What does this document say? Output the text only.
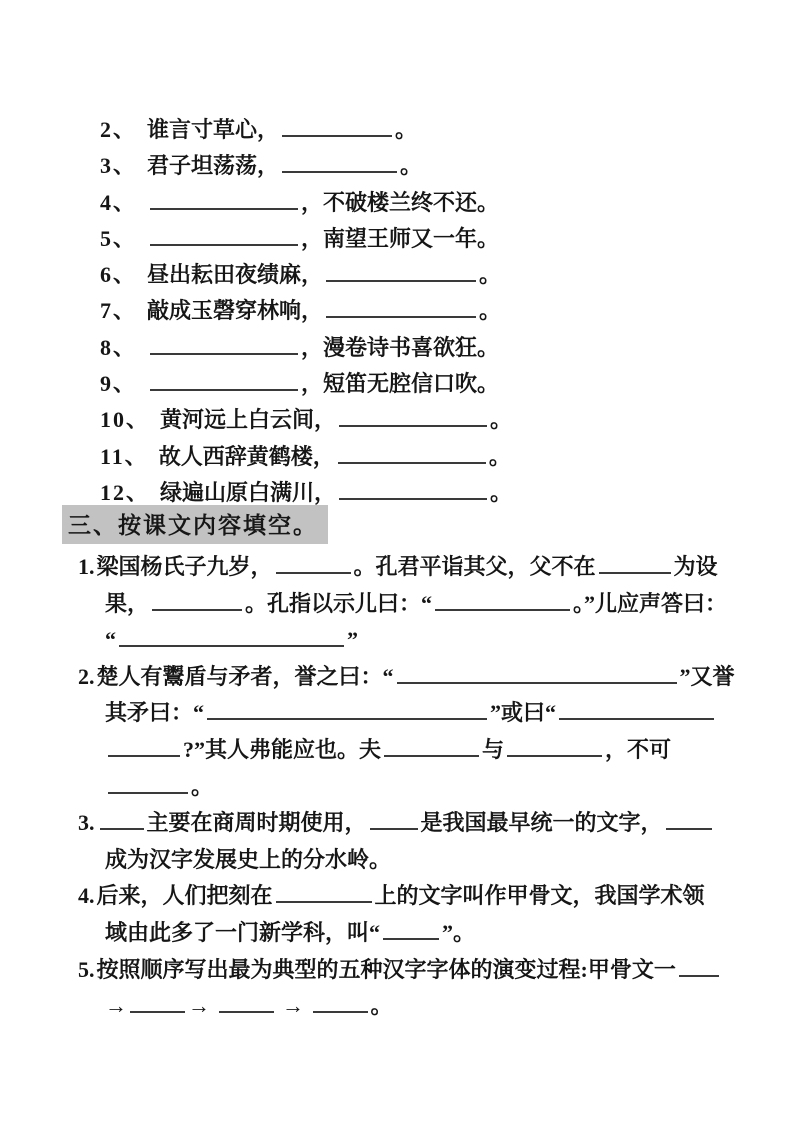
2、 谁言寸草心，	。
3、 君子坦荡荡，	。
4、	，不破楼兰终不还。
5、	，南望王师又一年。
6、 昼出耘田夜绩麻，	。
7、 敲成玉磬穿林响，	。
8、	，漫卷诗书喜欲狂。
9、	，短笛无腔信口吹。
10、 黄河远上白云间，	。
11、 故人西辞黄鹤楼，	。
12、 绿遍山原白满川，	。
三、按课文内容填空。
1.梁国杨氏子九岁，	。孔君平诣其父，父不在	为设
果，	。孔指以示儿曰：“	。”儿应声答曰：
“	”
2.楚人有鬻盾与矛者，誉之曰：“	”又誉
其矛曰：“	”或曰“
?”其人弗能应也。夫	与	，不可
。
3. 主要在商周时期使用， 是我国最早统一的文字，
成为汉字发展史上的分水岭。
4.后来，人们把刻在	上的文字叫作甲骨文，我国学术领
域由此多了一门新学科，叫“	”。
5.按照顺序写出最为典型的五种汉字字体的演变过程:甲骨文一
→	→	→	。
